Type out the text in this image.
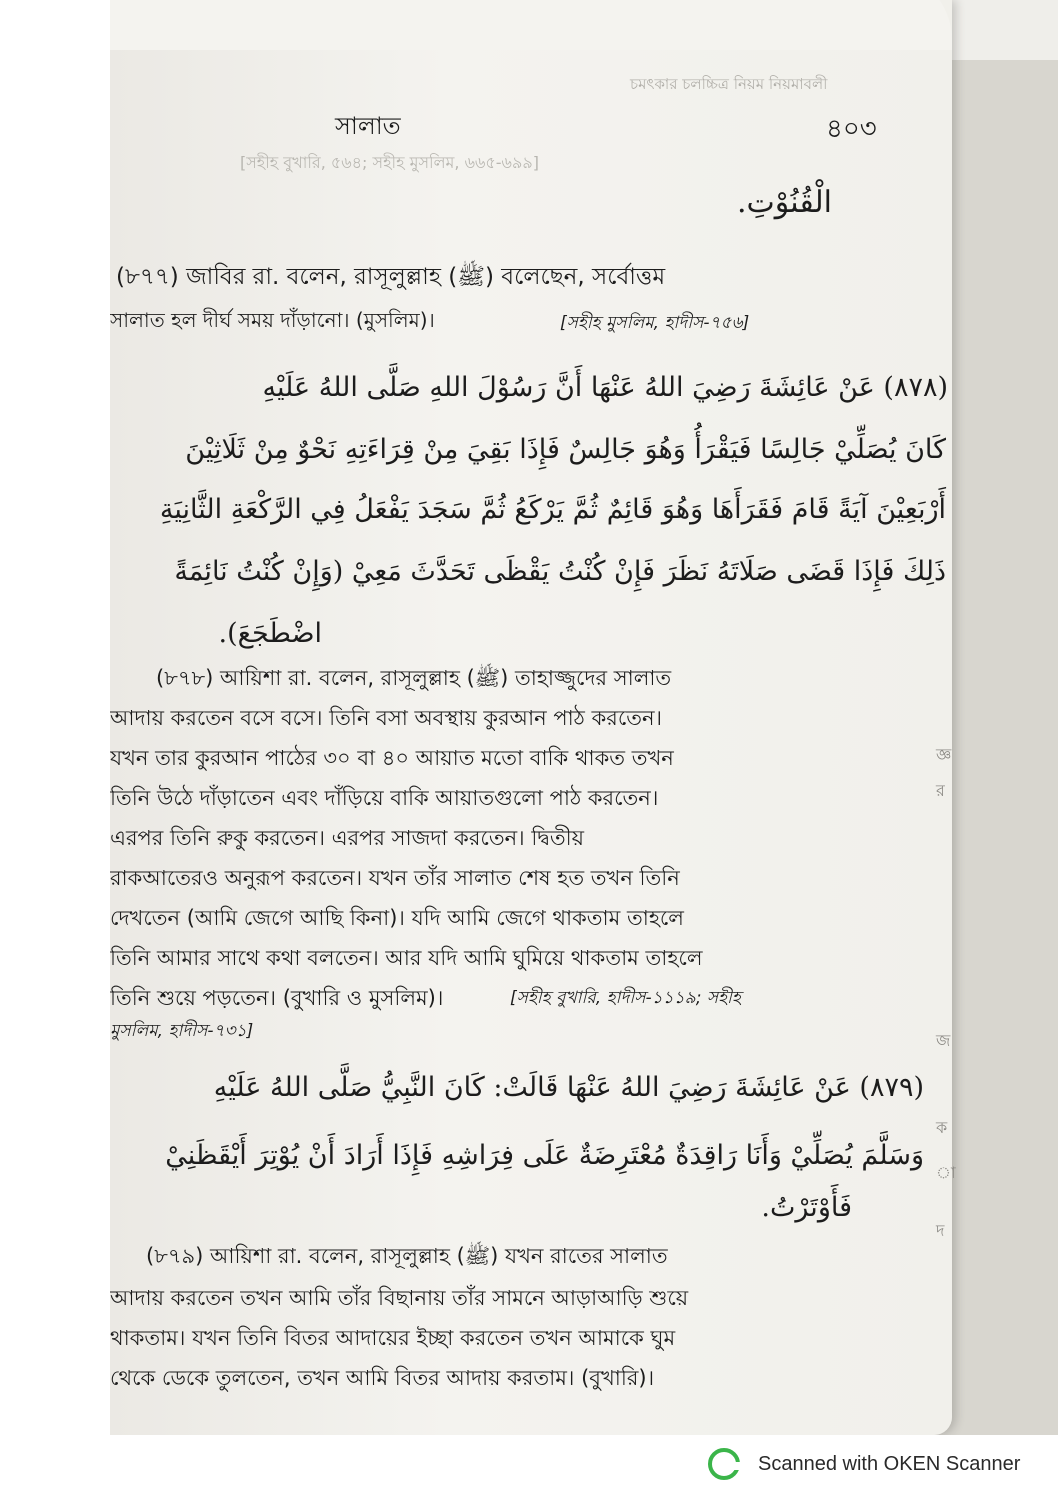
চমৎকার চলচ্চিত্র নিয়ম নিয়মাবলী
[সহীহ বুখারি, ৫৬৪; সহীহ মুসলিম, ৬৬৫-৬৯৯]
সালাত	৪০৩
الْقُنُوْتِ.
(৮৭৭) জাবির রা. বলেন, রাসূলুল্লাহ (ﷺ) বলেছেন, সর্বোত্তম
সালাত হল দীর্ঘ সময় দাঁড়ানো। (মুসলিম)।	[সহীহ মুসলিম, হাদীস-৭৫৬]
(٨٧٨) عَنْ عَائِشَةَ رَضِيَ اللهُ عَنْهَا أَنَّ رَسُوْلَ اللهِ صَلَّى اللهُ عَلَيْهِ
كَانَ يُصَلِّيْ جَالِسًا فَيَقْرَأُ وَهُوَ جَالِسٌ فَإِذَا بَقِيَ مِنْ قِرَاءَتِهِ نَحْوٌ مِنْ ثَلَاثِيْنَ
أَرْبَعِيْنَ آيَةً قَامَ فَقَرَأَهَا وَهُوَ قَائِمٌ ثُمَّ يَرْكَعُ ثُمَّ سَجَدَ يَفْعَلُ فِي الرَّكْعَةِ الثَّانِيَةِ
ذَلِكَ فَإِذَا قَضَى صَلَاتَهُ نَظَرَ فَإِنْ كُنْتُ يَقْظَى تَحَدَّثَ مَعِيْ (وَإِنْ كُنْتُ نَائِمَةً
اضْطَجَعَ).
(৮৭৮) আয়িশা রা. বলেন, রাসূলুল্লাহ (ﷺ) তাহাজ্জুদের সালাত
আদায় করতেন বসে বসে। তিনি বসা অবস্থায় কুরআন পাঠ করতেন।
যখন তার কুরআন পাঠের ৩০ বা ৪০ আয়াত মতো বাকি থাকত তখন
তিনি উঠে দাঁড়াতেন এবং দাঁড়িয়ে বাকি আয়াতগুলো পাঠ করতেন।
এরপর তিনি রুকু করতেন। এরপর সাজদা করতেন। দ্বিতীয়
রাকআতেরও অনুরূপ করতেন। যখন তাঁর সালাত শেষ হত তখন তিনি
দেখতেন (আমি জেগে আছি কিনা)। যদি আমি জেগে থাকতাম তাহলে
তিনি আমার সাথে কথা বলতেন। আর যদি আমি ঘুমিয়ে থাকতাম তাহলে
তিনি শুয়ে পড়তেন। (বুখারি ও মুসলিম)।	[সহীহ বুখারি, হাদীস-১১১৯; সহীহ
মুসলিম, হাদীস-৭৩১]
(٨٧٩) عَنْ عَائِشَةَ رَضِيَ اللهُ عَنْهَا قَالَتْ: كَانَ النَّبِيُّ صَلَّى اللهُ عَلَيْهِ
وَسَلَّمَ يُصَلِّيْ وَأَنَا رَاقِدَةٌ مُعْتَرِضَةٌ عَلَى فِرَاشِهِ فَإِذَا أَرَادَ أَنْ يُوْتِرَ أَيْقَظَنِيْ
فَأَوْتَرْتُ.
(৮৭৯) আয়িশা রা. বলেন, রাসূলুল্লাহ (ﷺ) যখন রাতের সালাত
আদায় করতেন তখন আমি তাঁর বিছানায় তাঁর সামনে আড়াআড়ি শুয়ে
থাকতাম। যখন তিনি বিতর আদায়ের ইচ্ছা করতেন তখন আমাকে ঘুম
থেকে ডেকে তুলতেন, তখন আমি বিতর আদায় করতাম। (বুখারি)।
জ্ঞ
র
জ
ক
া
দ
Scanned with OKEN Scanner
